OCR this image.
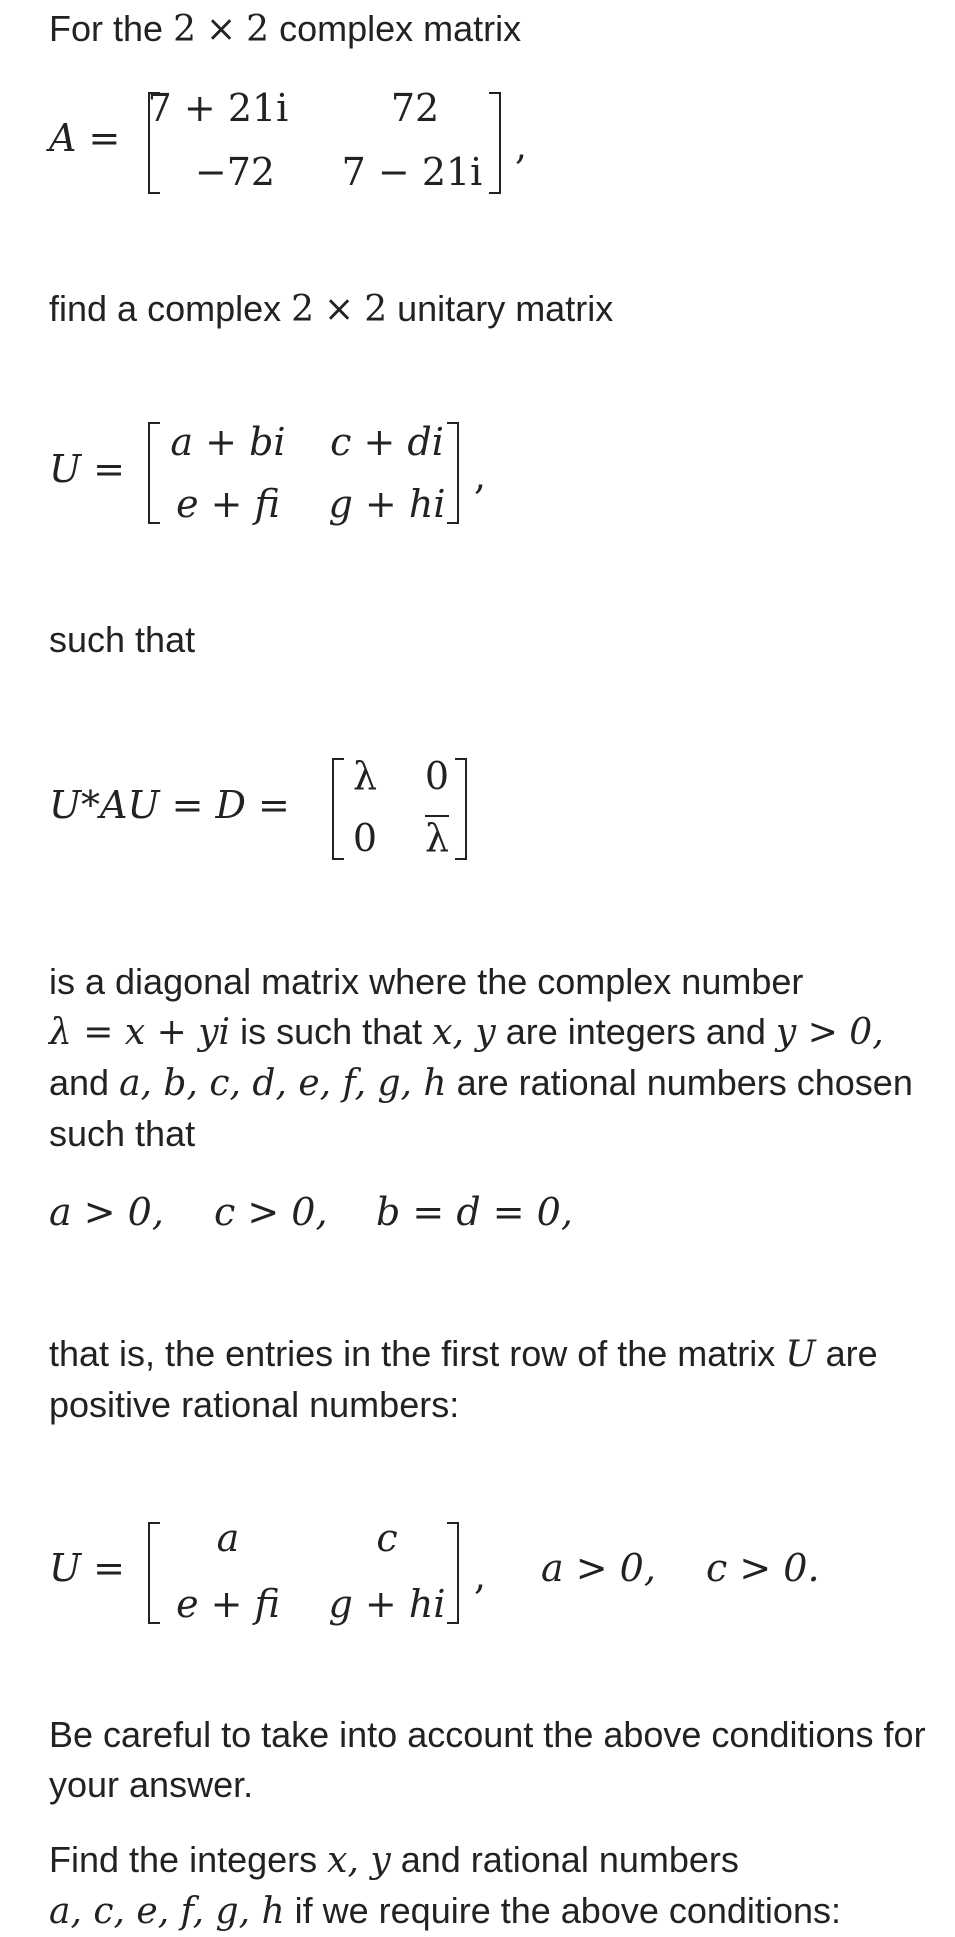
For the 2 × 2 complex matrix

A =
7 + 21i	72
−72 7 − 21i
,

find a complex 2 × 2 unitary matrix

U =
a + bi c + di
e + fi g + hi
,

such that

U*AU = D =
λ 0
0 λ
is a diagonal matrix where the complex number
λ = x + yi is such that x, y are integers and y > 0,
and a, b, c, d, e, f, g, h are rational numbers chosen
such that
a > 0, c > 0, b = d = 0,
that is, the entries in the first row of the matrix U are
positive rational numbers:
U =
a	c
e + fi g + hi
, a > 0, c > 0.
Be careful to take into account the above conditions for
your answer.
Find the integers x, y and rational numbers
a, c, e, f, g, h if we require the above conditions:
